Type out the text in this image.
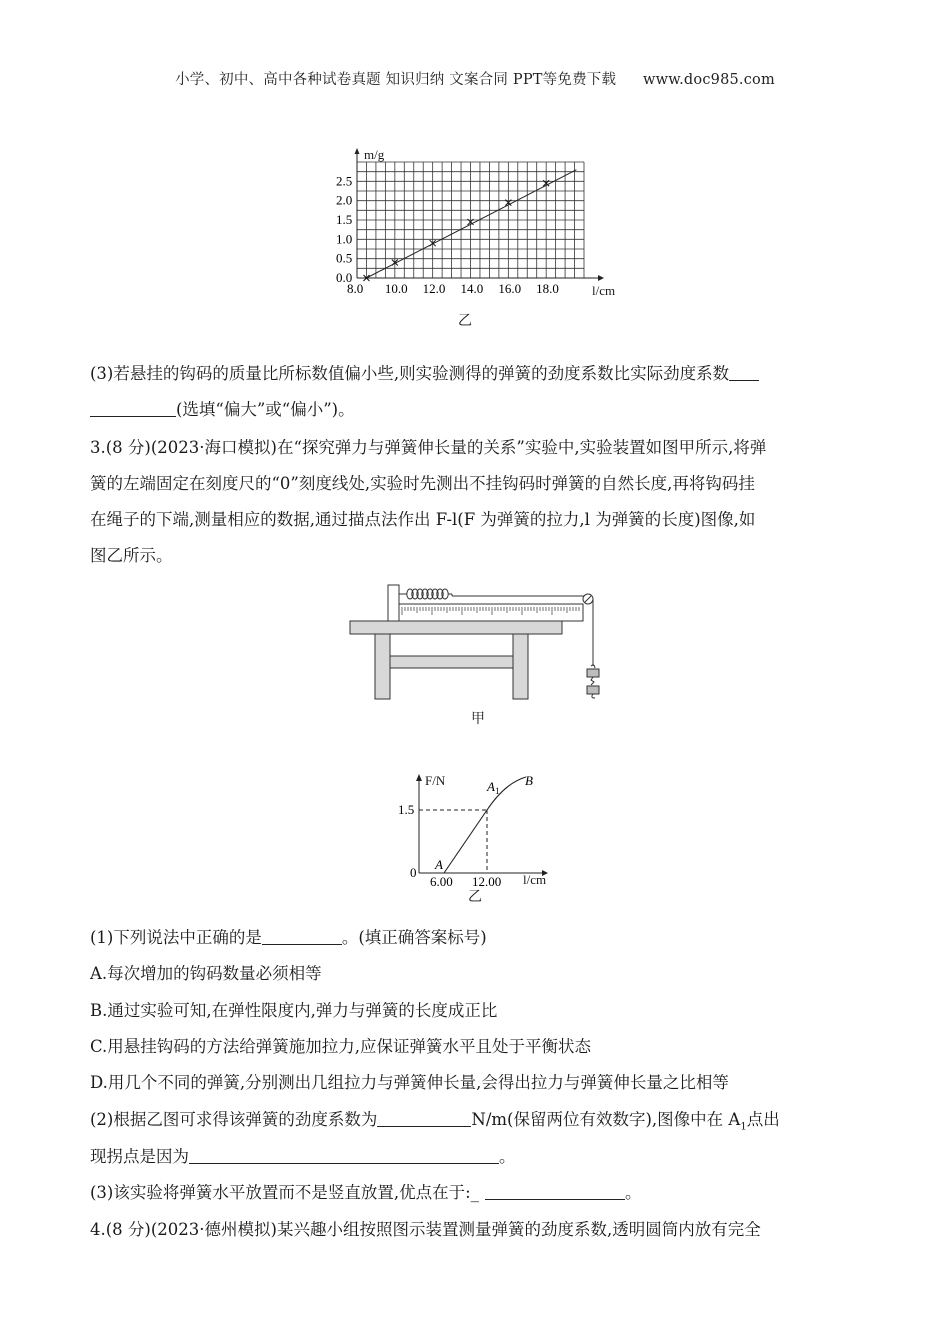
小学、初中、高中各种试卷真题 知识归纳 文案合同 PPT等免费下载 www.doc985.com
8.0 10.0 12.0 14.0 16.0 18.0
0.0
0.5
1.0
1.5
2.0
2.5
m/g
l/cm
乙
(3)若悬挂的钩码的质量比所标数值偏小些,则实验测得的弹簧的劲度系数比实际劲度系数
(选填“偏大”或“偏小”)。
3.(8 分)(2023·海口模拟)在“探究弹力与弹簧伸长量的关系”实验中,实验装置如图甲所示,将弹
簧的左端固定在刻度尺的“0”刻度线处,实验时先测出不挂钩码时弹簧的自然长度,再将钩码挂
在绳子的下端,测量相应的数据,通过描点法作出 F-l(F 为弹簧的拉力,l 为弹簧的长度)图像,如
图乙所示。
甲
0
1.5
6.00 12.00
A
$A_1$
B
F/N
l/cm
乙
(1)下列说法中正确的是	。(填正确答案标号)
A.每次增加的钩码数量必须相等
B.通过实验可知,在弹性限度内,弹力与弹簧的长度成正比
C.用悬挂钩码的方法给弹簧施加拉力,应保证弹簧水平且处于平衡状态
D.用几个不同的弹簧,分别测出几组拉力与弹簧伸长量,会得出拉力与弹簧伸长量之比相等
(2)根据乙图可求得该弹簧的劲度系数为	N/m(保留两位有效数字),图像中在 $A_1$点出
现拐点是因为	。
(3)该实验将弹簧水平放置而不是竖直放置,优点在于:_	。
4.(8 分)(2023·德州模拟)某兴趣小组按照图示装置测量弹簧的劲度系数,透明圆筒内放有完全
